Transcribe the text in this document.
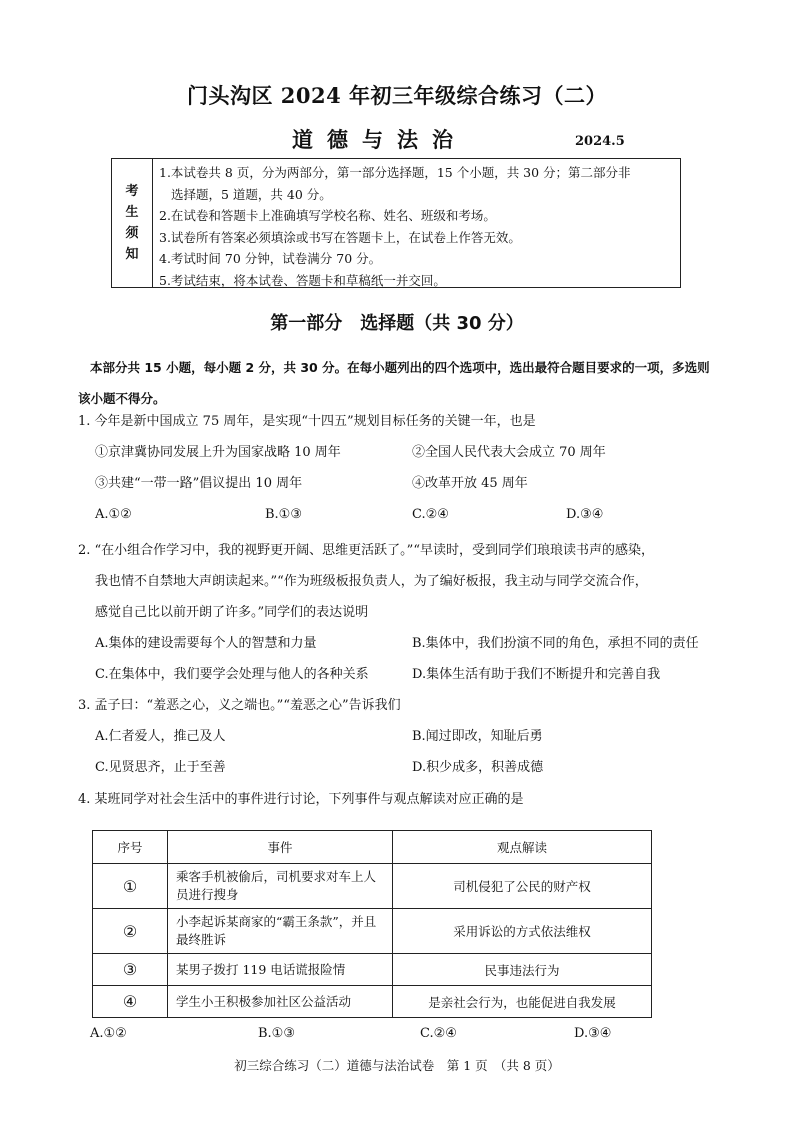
门头沟区 2024 年初三年级综合练习（二）
道德与法治	2024.5
考
生
须
知
1.本试卷共 8 页，分为两部分，第一部分选择题，15 个小题，共 30 分；第二部分非
选择题，5 道题，共 40 分。
2.在试卷和答题卡上准确填写学校名称、姓名、班级和考场。
3.试卷所有答案必须填涂或书写在答题卡上，在试卷上作答无效。
4.考试时间 70 分钟，试卷满分 70 分。
5.考试结束，将本试卷、答题卡和草稿纸一并交回。
第一部分　选择题（共 30 分）
本部分共 15 小题，每小题 2 分，共 30 分。在每小题列出的四个选项中，选出最符合题目要求的一项，多选则该小题不得分。
1. 今年是新中国成立 75 周年，是实现“十四五”规划目标任务的关键一年，也是
①京津冀协同发展上升为国家战略 10 周年	②全国人民代表大会成立 70 周年
③共建“一带一路”倡议提出 10 周年	④改革开放 45 周年
A.①②	B.①③	C.②④	D.③④
2. “在小组合作学习中，我的视野更开阔、思维更活跃了。”“早读时，受到同学们琅琅读书声的感染，
我也情不自禁地大声朗读起来。”“作为班级板报负责人，为了编好板报，我主动与同学交流合作，
感觉自己比以前开朗了许多。”同学们的表达说明
A.集体的建设需要每个人的智慧和力量	B.集体中，我们扮演不同的角色，承担不同的责任
C.在集体中，我们要学会处理与他人的各种关系	D.集体生活有助于我们不断提升和完善自我
3. 孟子曰：“羞恶之心，义之端也。”“羞恶之心”告诉我们
A.仁者爱人，推己及人	B.闻过即改，知耻后勇
C.见贤思齐，止于至善	D.积少成多，积善成德
4. 某班同学对社会生活中的事件进行讨论，下列事件与观点解读对应正确的是
序号	事件	观点解读
①	乘客手机被偷后，司机要求对车上人员进行搜身	司机侵犯了公民的财产权
②	小李起诉某商家的“霸王条款”，并且最终胜诉	采用诉讼的方式依法维权
③	某男子拨打 119 电话谎报险情	民事违法行为
④	学生小王积极参加社区公益活动	是亲社会行为，也能促进自我发展
A.①②	B.①③	C.②④	D.③④
初三综合练习（二）道德与法治试卷　第 1 页　（共 8 页）
